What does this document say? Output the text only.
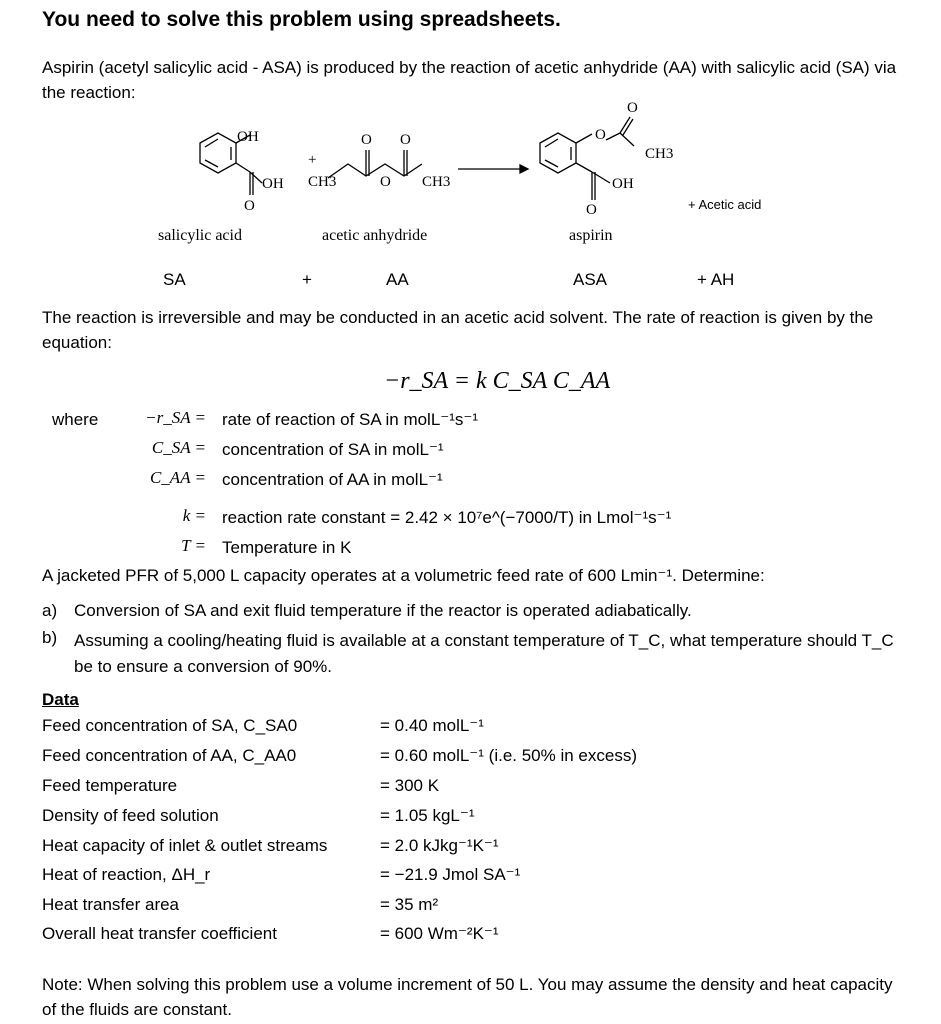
You need to solve this problem using spreadsheets.
Aspirin (acetyl salicylic acid - ASA) is produced by the reaction of acetic anhydride (AA) with salicylic acid (SA) via the reaction:
OH
OH
O
+
CH3
O O
O CH3
O
O
CH3
OH
O	+ Acetic acid
salicylic acid	acetic anhydride	aspirin
SA	+	AA	ASA	+ AH
The reaction is irreversible and may be conducted in an acetic acid solvent. The rate of reaction is given by the equation:
−r_SA = k C_SA C_AA
where	−r_SA = rate of reaction of SA in molL⁻¹s⁻¹
C_SA = concentration of SA in molL⁻¹
C_AA = concentration of AA in molL⁻¹
k = reaction rate constant = 2.42 × 10⁷e^(−7000/T) in Lmol⁻¹s⁻¹
T = Temperature in K
A jacketed PFR of 5,000 L capacity operates at a volumetric feed rate of 600 Lmin⁻¹. Determine:
a) Conversion of SA and exit fluid temperature if the reactor is operated adiabatically.
b) Assuming a cooling/heating fluid is available at a constant temperature of T_C, what temperature should T_C be to ensure a conversion of 90%.
Data
Feed concentration of SA, C_SA0	= 0.40 molL⁻¹
Feed concentration of AA, C_AA0	= 0.60 molL⁻¹ (i.e. 50% in excess)
Feed temperature	= 300 K
Density of feed solution	= 1.05 kgL⁻¹
Heat capacity of inlet & outlet streams	= 2.0 kJkg⁻¹K⁻¹
Heat of reaction, ΔH_r	= −21.9 Jmol SA⁻¹
Heat transfer area	= 35 m²
Overall heat transfer coefficient	= 600 Wm⁻²K⁻¹
Note: When solving this problem use a volume increment of 50 L. You may assume the density and heat capacity of the fluids are constant.
